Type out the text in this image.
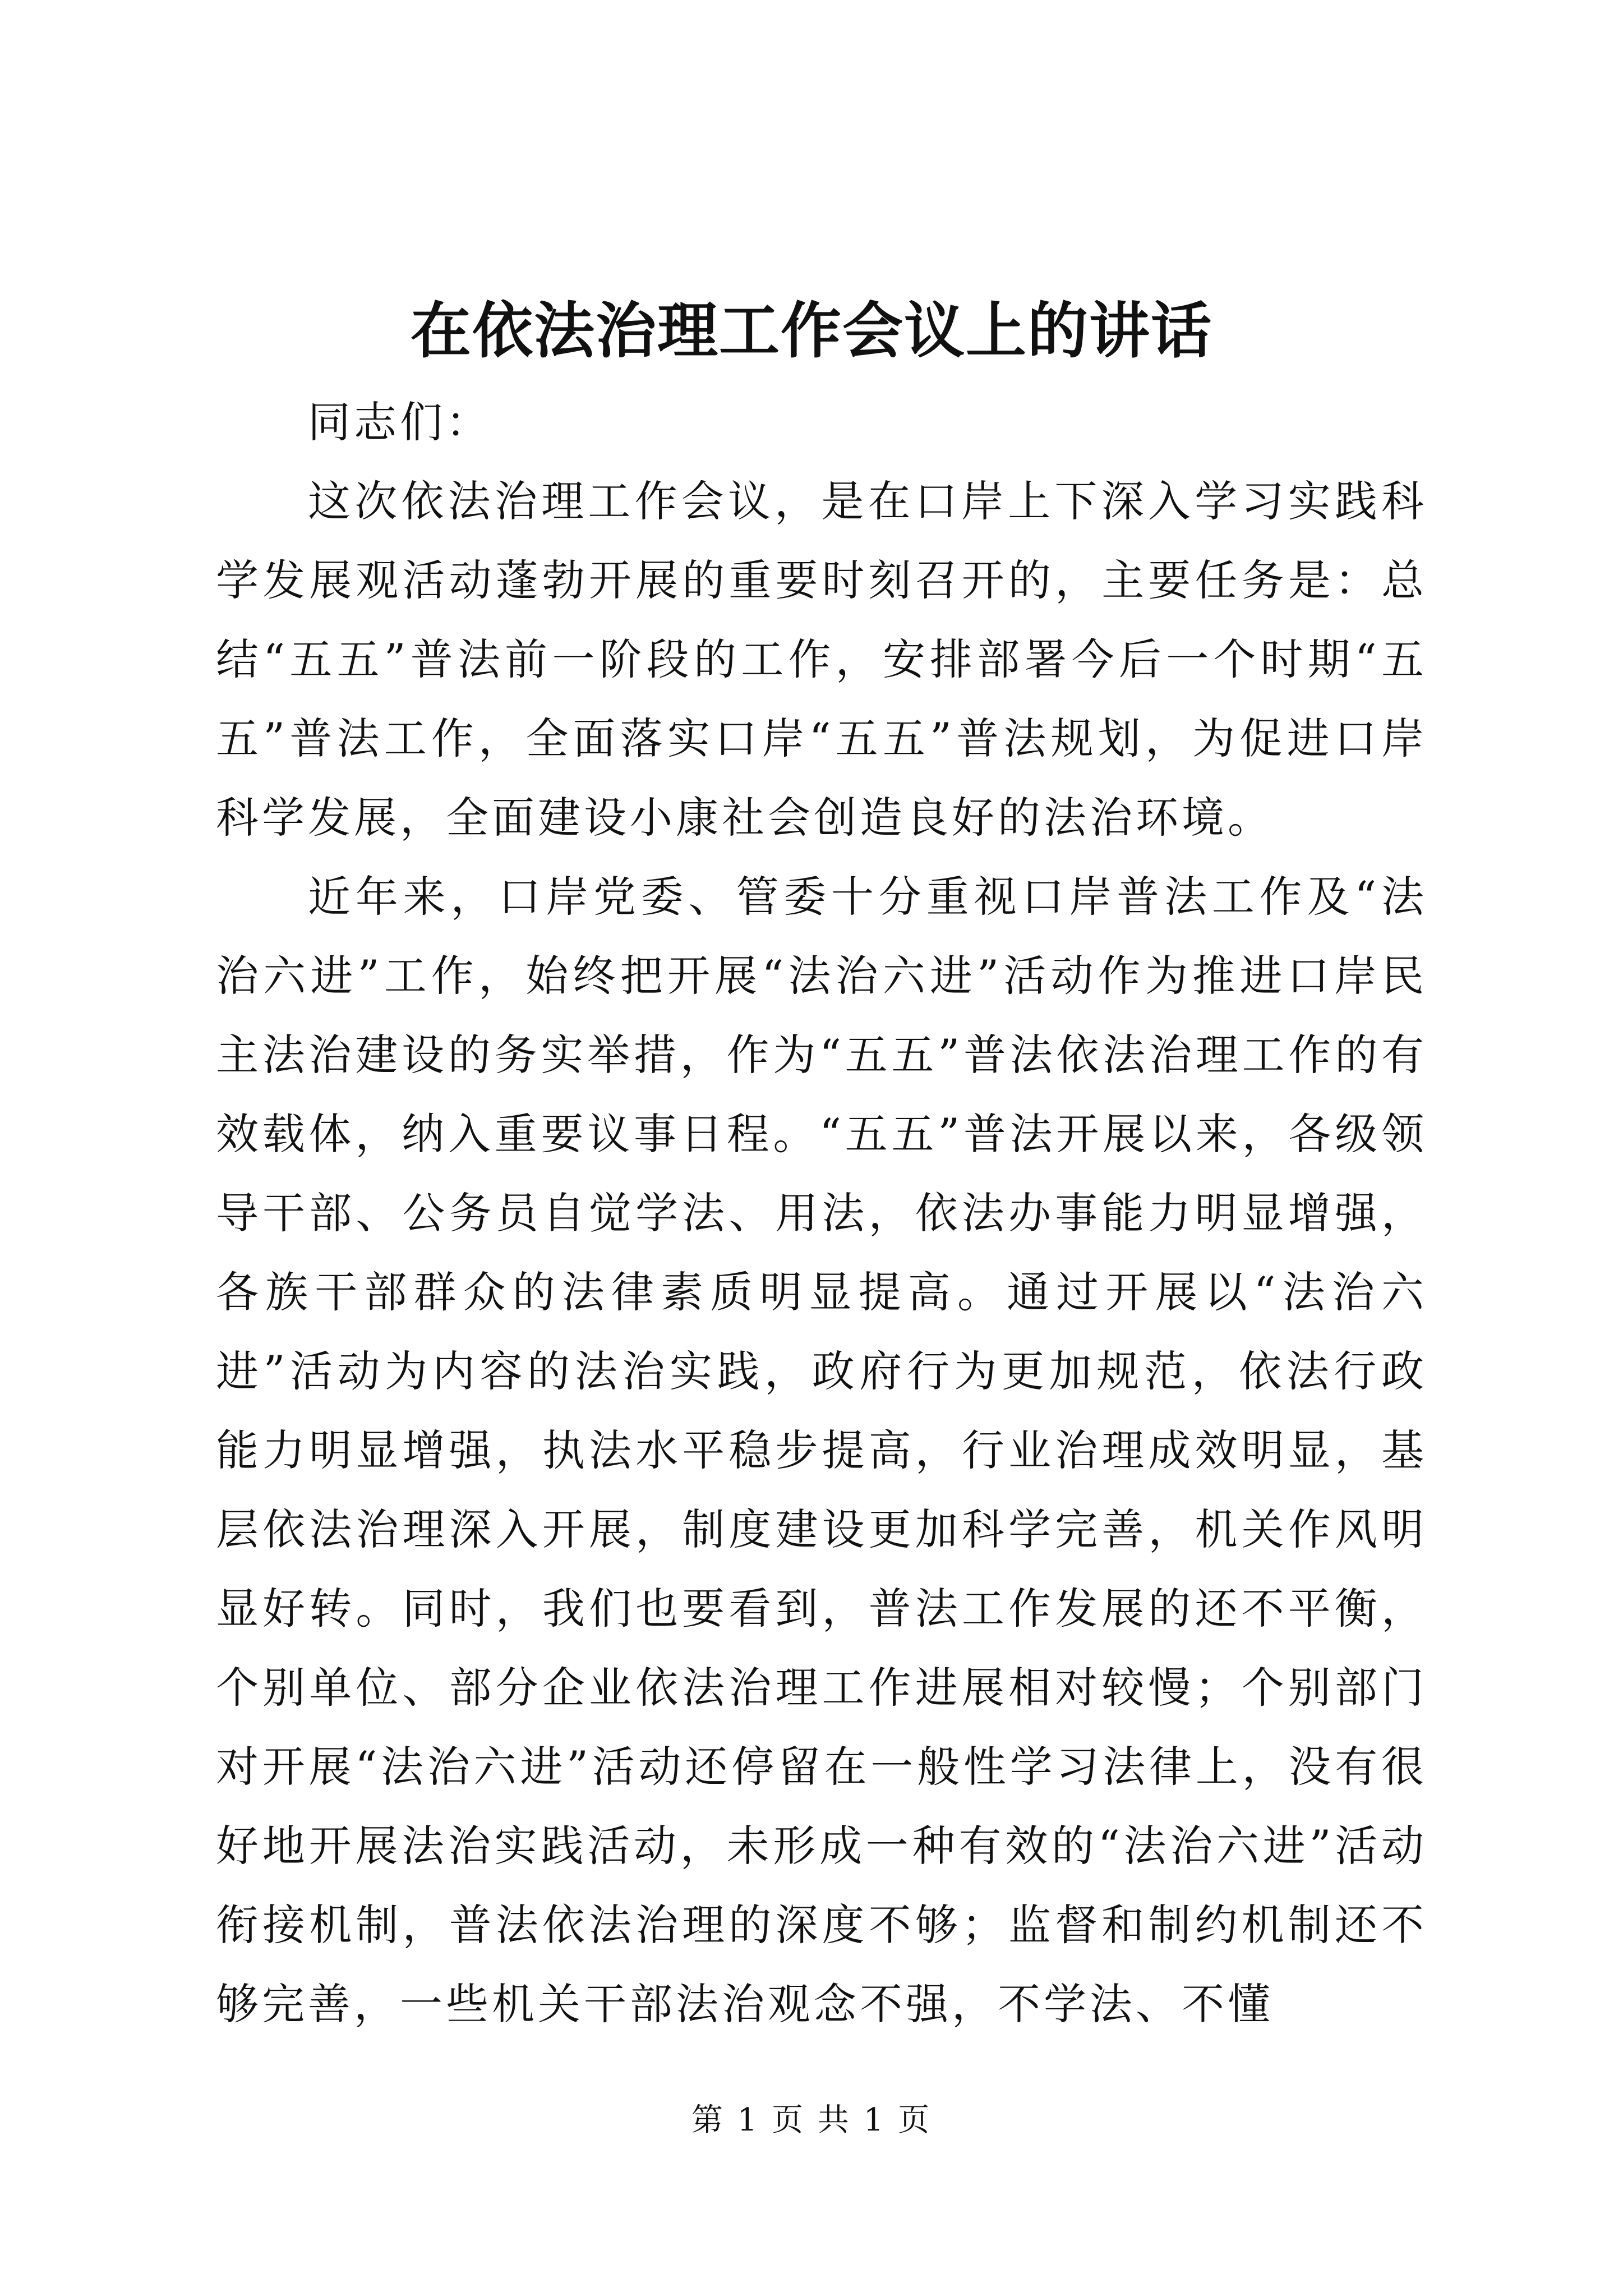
在依法治理工作会议上的讲话

同志们：

这次依法治理工作会议，是在口岸上下深入学习实践科学发展观活动蓬勃开展的重要时刻召开的，主要任务是：总结“五五”普法前一阶段的工作，安排部署今后一个时期“五五”普法工作，全面落实口岸“五五”普法规划，为促进口岸科学发展，全面建设小康社会创造良好的法治环境。

近年来，口岸党委、管委十分重视口岸普法工作及“法治六进”工作，始终把开展“法治六进”活动作为推进口岸民主法治建设的务实举措，作为“五五”普法依法治理工作的有效载体，纳入重要议事日程。“五五”普法开展以来，各级领导干部、公务员自觉学法、用法，依法办事能力明显增强，各族干部群众的法律素质明显提高。通过开展以“法治六进”活动为内容的法治实践，政府行为更加规范，依法行政能力明显增强，执法水平稳步提高，行业治理成效明显，基层依法治理深入开展，制度建设更加科学完善，机关作风明显好转。同时，我们也要看到，普法工作发展的还不平衡，个别单位、部分企业依法治理工作进展相对较慢；个别部门对开展“法治六进”活动还停留在一般性学习法律上，没有很好地开展法治实践活动，未形成一种有效的“法治六进”活动衔接机制，普法依法治理的深度不够；监督和制约机制还不够完善，一些机关干部法治观念不强，不学法、不懂

第 1 页 共 1 页
